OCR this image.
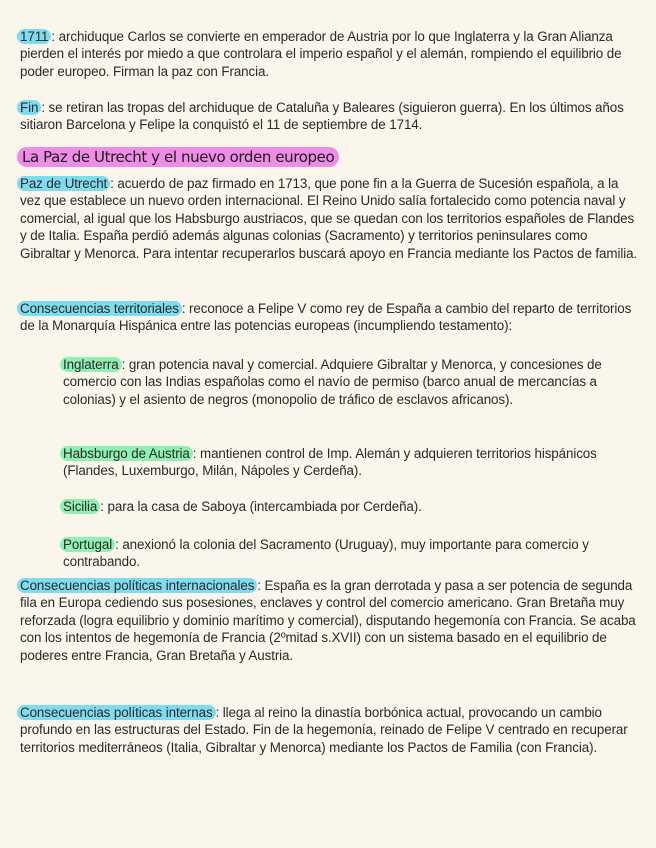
1711 : archiduque Carlos se convierte en emperador de Austria por lo que Inglaterra y la Gran Alianza pierden el interés por miedo a que controlara el imperio español y el alemán, rompiendo el equilibrio de poder europeo. Firman la paz con Francia.

Fin : se retiran las tropas del archiduque de Cataluña y Baleares (siguieron guerra). En los últimos años sitiaron Barcelona y Felipe la conquistó el 11 de septiembre de 1714.

La Paz de Utrecht y el nuevo orden europeo

Paz de Utrecht : acuerdo de paz firmado en 1713, que pone fin a la Guerra de Sucesión española, a la vez que establece un nuevo orden internacional. El Reino Unido salía fortalecido como potencia naval y comercial, al igual que los Habsburgo austriacos, que se quedan con los territorios españoles de Flandes y de Italia. España perdió además algunas colonias (Sacramento) y territorios peninsulares como Gibraltar y Menorca. Para intentar recuperarlos buscará apoyo en Francia mediante los Pactos de familia.

Consecuencias territoriales : reconoce a Felipe V como rey de España a cambio del reparto de territorios de la Monarquía Hispánica entre las potencias europeas (incumpliendo testamento):

Inglaterra : gran potencia naval y comercial. Adquiere Gibraltar y Menorca, y concesiones de comercio con las Indias españolas como el navío de permiso (barco anual de mercancías a colonias) y el asiento de negros (monopolio de tráfico de esclavos africanos).

Habsburgo de Austria : mantienen control de Imp. Alemán y adquieren territorios hispánicos (Flandes, Luxemburgo, Milán, Nápoles y Cerdeña).

Sicilia : para la casa de Saboya (intercambiada por Cerdeña).

Portugal : anexionó la colonia del Sacramento (Uruguay), muy importante para comercio y contrabando.

Consecuencias políticas internacionales : España es la gran derrotada y pasa a ser potencia de segunda fila en Europa cediendo sus posesiones, enclaves y control del comercio americano. Gran Bretaña muy reforzada (logra equilibrio y dominio marítimo y comercial), disputando hegemonía con Francia. Se acaba con los intentos de hegemonía de Francia (2ºmitad s.XVII) con un sistema basado en el equilibrio de poderes entre Francia, Gran Bretaña y Austria.

Consecuencias políticas internas : llega al reino la dinastía borbónica actual, provocando un cambio profundo en las estructuras del Estado. Fin de la hegemonía, reinado de Felipe V centrado en recuperar territorios mediterráneos (Italia, Gibraltar y Menorca) mediante los Pactos de Familia (con Francia).
